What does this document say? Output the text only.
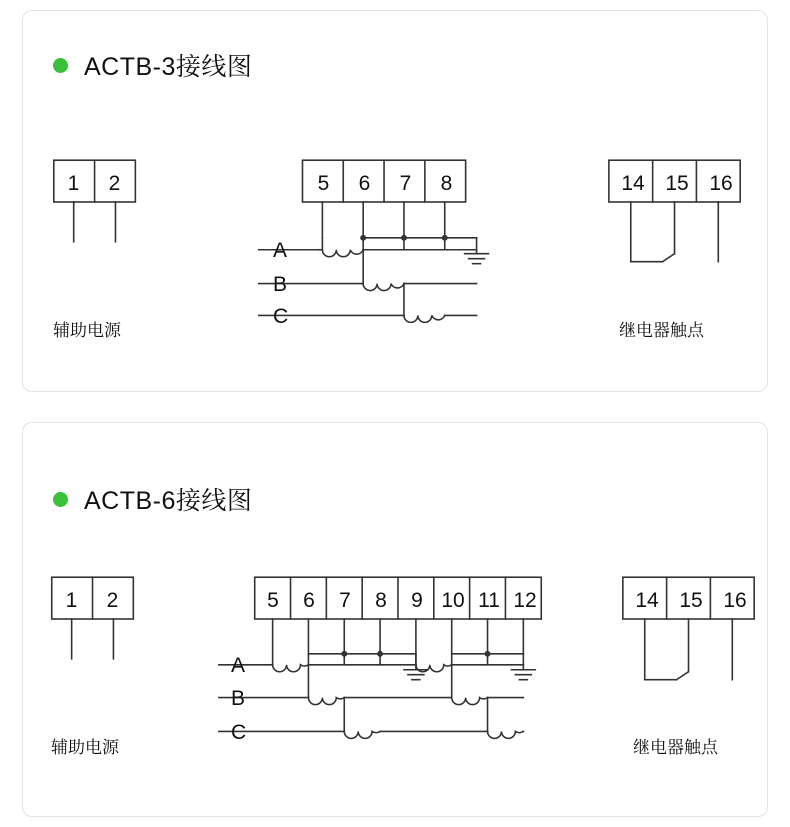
ACTB-3接线图
1	2	5	6	7	8	14 15 16
A
B
C
辅助电源	继电器触点
ACTB-6接线图
1	2	5	6	7	8	9 10 11 12	14 15 16
A
B
C
辅助电源	继电器触点
